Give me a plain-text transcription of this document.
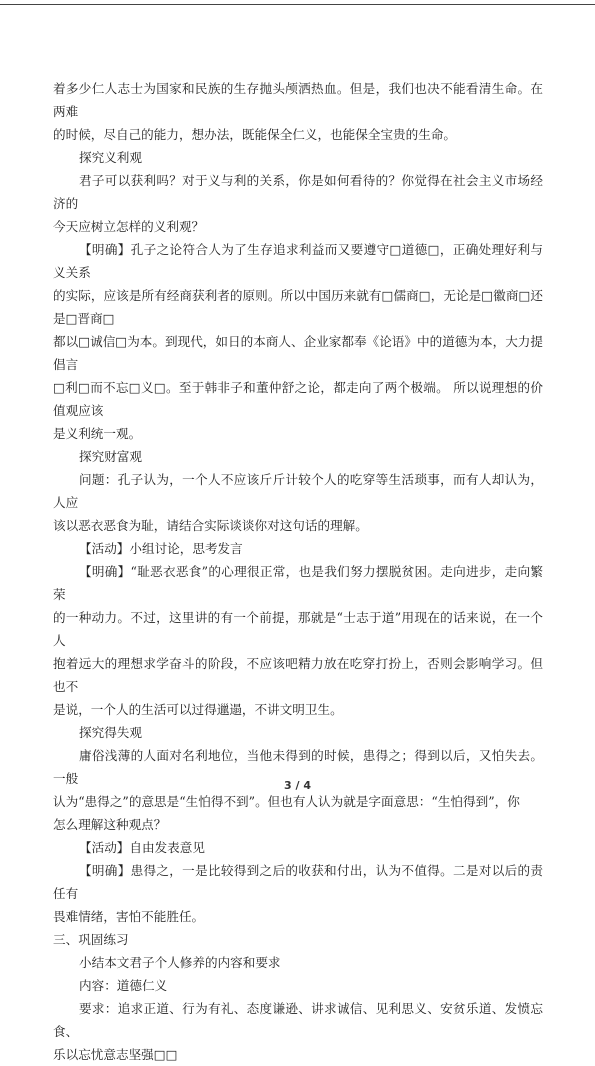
着多少仁人志士为国家和民族的生存抛头颅洒热血。但是，我们也决不能看清生命。在两难
的时候，尽自己的能力，想办法，既能保全仁义，也能保全宝贵的生命。
探究义利观
君子可以获利吗？对于义与利的关系，你是如何看待的？你觉得在社会主义市场经济的
今天应树立怎样的义利观？
【明确】孔子之论符合人为了生存追求利益而又要遵守□道德□，正确处理好利与义关系
的实际，应该是所有经商获利者的原则。所以中国历来就有□儒商□，无论是□徽商□还是□晋商□
都以□诚信□为本。到现代，如日的本商人、企业家都奉《论语》中的道德为本，大力提倡言
□利□而不忘□义□。至于韩非子和董仲舒之论，都走向了两个极端。 所以说理想的价值观应该
是义利统一观。
探究财富观
问题：孔子认为，一个人不应该斤斤计较个人的吃穿等生活琐事，而有人却认为，人应
该以恶衣恶食为耻，请结合实际谈谈你对这句话的理解。
【活动】小组讨论，思考发言
【明确】“耻恶衣恶食”的心理很正常，也是我们努力摆脱贫困。走向进步，走向繁荣
的一种动力。不过，这里讲的有一个前提，那就是“士志于道”用现在的话来说，在一个人
抱着远大的理想求学奋斗的阶段，不应该吧精力放在吃穿打扮上，否则会影响学习。但也不
是说，一个人的生活可以过得邋遢，不讲文明卫生。
探究得失观
庸俗浅薄的人面对名利地位，当他未得到的时候，患得之；得到以后，又怕失去。一般
认为“患得之”的意思是“生怕得不到”。但也有人认为就是字面意思：“生怕得到”，你
怎么理解这种观点？
【活动】自由发表意见
【明确】患得之，一是比较得到之后的收获和付出，认为不值得。二是对以后的责任有
畏难情绪，害怕不能胜任。
三、巩固练习
小结本文君子个人修养的内容和要求
内容：道德仁义
要求：追求正道、行为有礼、态度谦逊、讲求诚信、见利思义、安贫乐道、发愤忘食、
乐以忘忧意志坚强□□
3 / 4
